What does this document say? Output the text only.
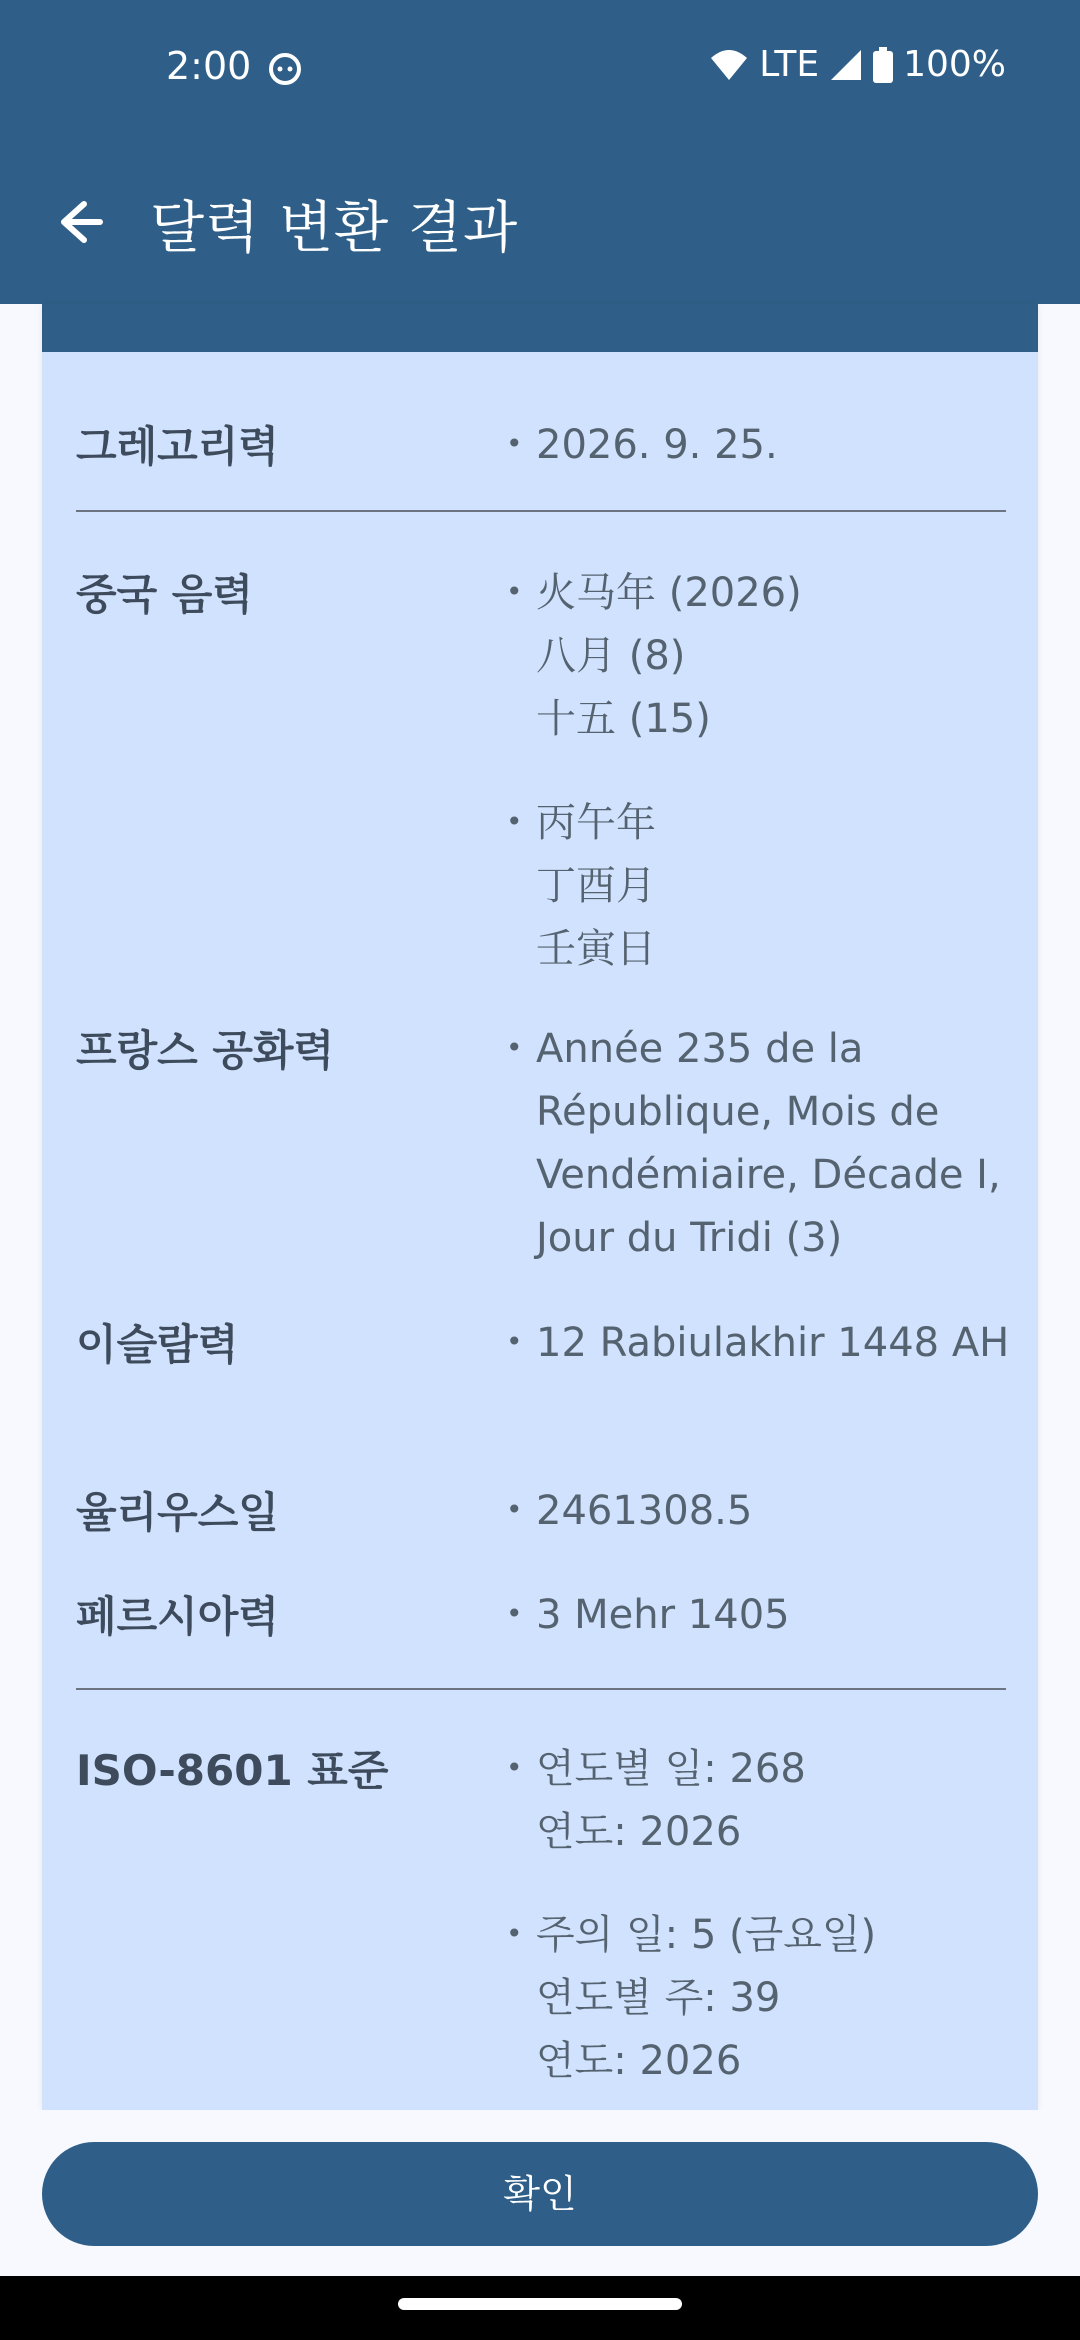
2:00	LTE 100%
달력 변환 결과
그레고리력	• 2026. 9. 25.
중국 음력	• 火马年 (2026)
八月 (8)
十五 (15)
• 丙午年
丁酉月
壬寅日
프랑스 공화력	• Année 235 de la République, Mois de Vendémiaire, Décade I, Jour du Tridi (3)
이슬람력	• 12 Rabiulakhir 1448 AH
율리우스일	• 2461308.5
페르시아력	• 3 Mehr 1405
ISO-8601 표준	• 연도별 일: 268
연도: 2026
• 주의 일: 5 (금요일)
연도별 주: 39
연도: 2026
확인
